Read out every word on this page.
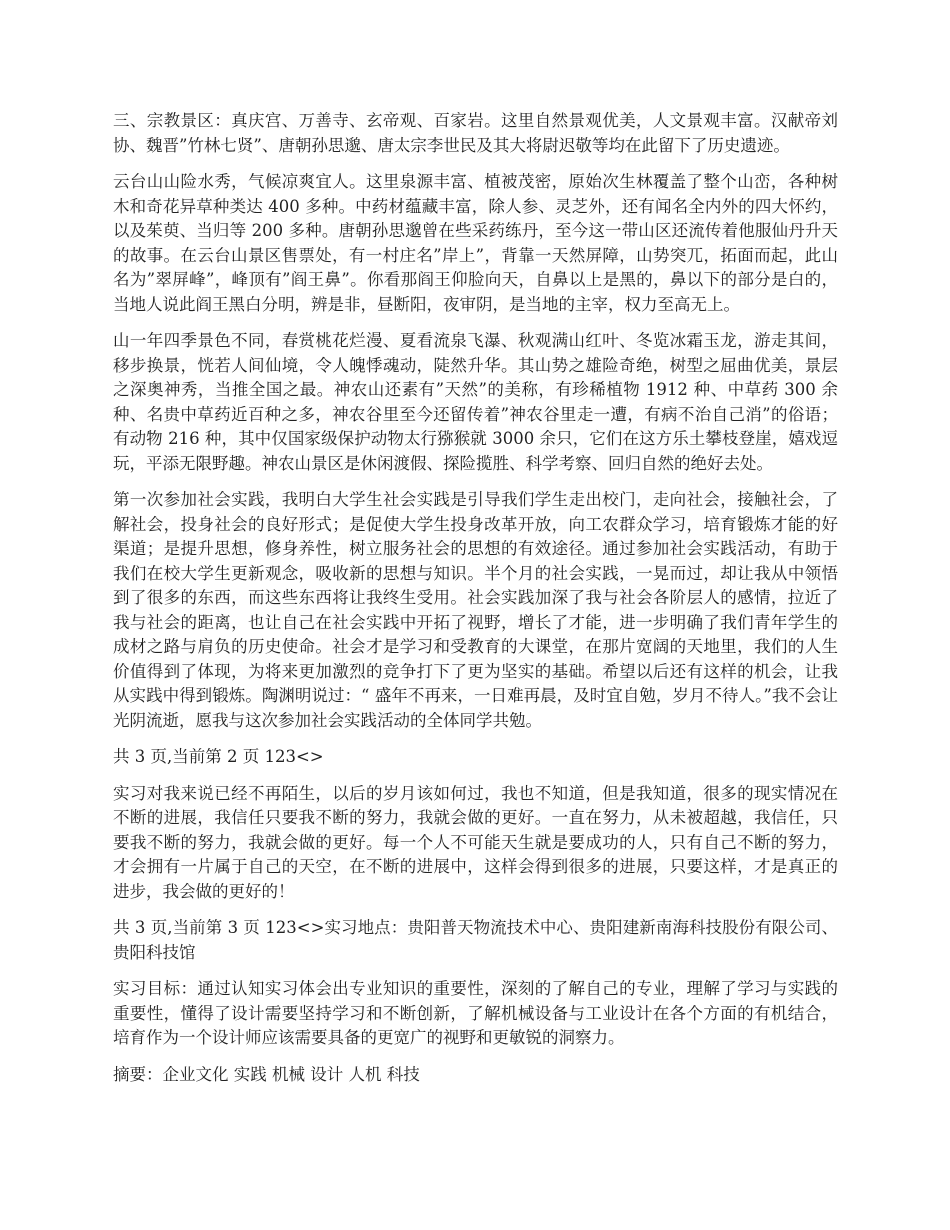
三、宗教景区：真庆宫、万善寺、玄帝观、百家岩。这里自然景观优美，人文景观丰富。汉献帝刘协、魏晋”竹林七贤”、唐朝孙思邈、唐太宗李世民及其大将尉迟敬等均在此留下了历史遗迹。

云台山山险水秀，气候凉爽宜人。这里泉源丰富、植被茂密，原始次生林覆盖了整个山峦，各种树木和奇花异草种类达 400 多种。中药材蕴藏丰富，除人参、灵芝外，还有闻名全内外的四大怀约，以及茱萸、当归等 200 多种。唐朝孙思邈曾在些采药练丹，至今这一带山区还流传着他服仙丹升天的故事。在云台山景区售票处，有一村庄名”岸上”，背靠一天然屏障，山势突兀，拓面而起，此山名为”翠屏峰”，峰顶有”阎王鼻”。你看那阎王仰脸向天，自鼻以上是黑的，鼻以下的部分是白的，当地人说此阎王黑白分明，辨是非，昼断阳，夜审阴，是当地的主宰，权力至高无上。

山一年四季景色不同，春赏桃花烂漫、夏看流泉飞瀑、秋观满山红叶、冬览冰霜玉龙，游走其间，移步换景，恍若人间仙境，令人魄悸魂动，陡然升华。其山势之雄险奇绝，树型之屈曲优美，景层之深奥神秀，当推全国之最。神农山还素有”天然”的美称，有珍稀植物 1912 种、中草药 300 余种、名贵中草药近百种之多，神农谷里至今还留传着”神农谷里走一遭，有病不治自己消”的俗语；有动物 216 种，其中仅国家级保护动物太行猕猴就 3000 余只，它们在这方乐土攀枝登崖，嬉戏逗玩，平添无限野趣。神农山景区是休闲渡假、探险揽胜、科学考察、回归自然的绝好去处。

第一次参加社会实践，我明白大学生社会实践是引导我们学生走出校门，走向社会，接触社会，了解社会，投身社会的良好形式；是促使大学生投身改革开放，向工农群众学习，培育锻炼才能的好渠道；是提升思想，修身养性，树立服务社会的思想的有效途径。通过参加社会实践活动，有助于我们在校大学生更新观念，吸收新的思想与知识。半个月的社会实践，一晃而过，却让我从中领悟到了很多的东西，而这些东西将让我终生受用。社会实践加深了我与社会各阶层人的感情，拉近了我与社会的距离，也让自己在社会实践中开拓了视野，增长了才能，进一步明确了我们青年学生的成材之路与肩负的历史使命。社会才是学习和受教育的大课堂，在那片宽阔的天地里，我们的人生价值得到了体现，为将来更加激烈的竞争打下了更为坚实的基础。希望以后还有这样的机会，让我从实践中得到锻炼。陶渊明说过：“ 盛年不再来，一日难再晨，及时宜自勉，岁月不待人。”我不会让光阴流逝，愿我与这次参加社会实践活动的全体同学共勉。

共 3 页,当前第 2 页 123<>

实习对我来说已经不再陌生，以后的岁月该如何过，我也不知道，但是我知道，很多的现实情况在不断的进展，我信任只要我不断的努力，我就会做的更好。一直在努力，从未被超越，我信任，只要我不断的努力，我就会做的更好。每一个人不可能天生就是要成功的人，只有自己不断的努力，才会拥有一片属于自己的天空，在不断的进展中，这样会得到很多的进展，只要这样，才是真正的进步，我会做的更好的！

共 3 页,当前第 3 页 123<>实习地点：贵阳普天物流技术中心、贵阳建新南海科技股份有限公司、贵阳科技馆

实习目标：通过认知实习体会出专业知识的重要性，深刻的了解自己的专业，理解了学习与实践的重要性，懂得了设计需要坚持学习和不断创新，了解机械设备与工业设计在各个方面的有机结合，培育作为一个设计师应该需要具备的更宽广的视野和更敏锐的洞察力。

摘要：企业文化 实践 机械 设计 人机 科技
